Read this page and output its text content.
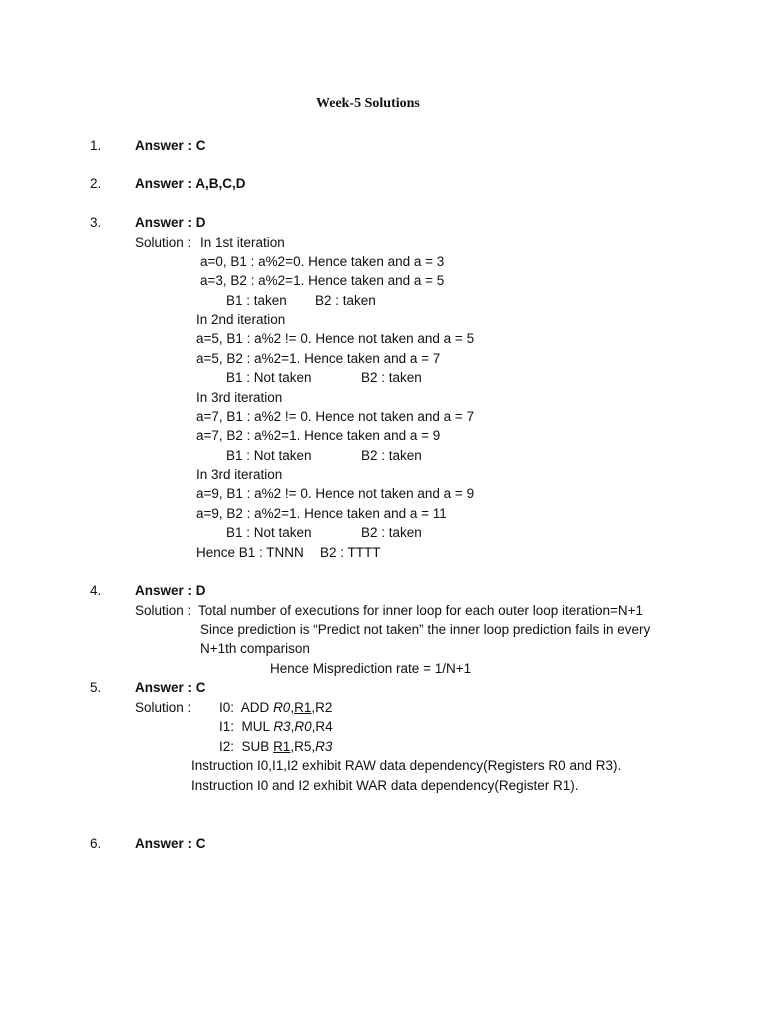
Week-5 Solutions
1. Answer : C
2. Answer : A,B,C,D
3. Answer : D
Solution : In 1st iteration
a=0, B1 : a%2=0. Hence taken and a = 3
a=3, B2 : a%2=1. Hence taken and a = 5
B1 : taken B2 : taken
In 2nd iteration
a=5, B1 : a%2 != 0. Hence not taken and a = 5
a=5, B2 : a%2=1. Hence taken and a = 7
B1 : Not taken	B2 : taken
In 3rd iteration
a=7, B1 : a%2 != 0. Hence not taken and a = 7
a=7, B2 : a%2=1. Hence taken and a = 9
B1 : Not taken	B2 : taken
In 3rd iteration
a=9, B1 : a%2 != 0. Hence not taken and a = 9
a=9, B2 : a%2=1. Hence taken and a = 11
B1 : Not taken	B2 : taken
Hence B1 : TNNN B2 : TTTT
4. Answer : D
Solution : Total number of executions for inner loop for each outer loop iteration=N+1
Since prediction is “Predict not taken” the inner loop prediction fails in every
N+1th comparison
Hence Misprediction rate = 1/N+1
5. Answer : C
Solution : I0: ADD R0,R1,R2
I1: MUL R3,R0,R4
I2: SUB R1,R5,R3
Instruction I0,I1,I2 exhibit RAW data dependency(Registers R0 and R3).
Instruction I0 and I2 exhibit WAR data dependency(Register R1).
6. Answer : C
